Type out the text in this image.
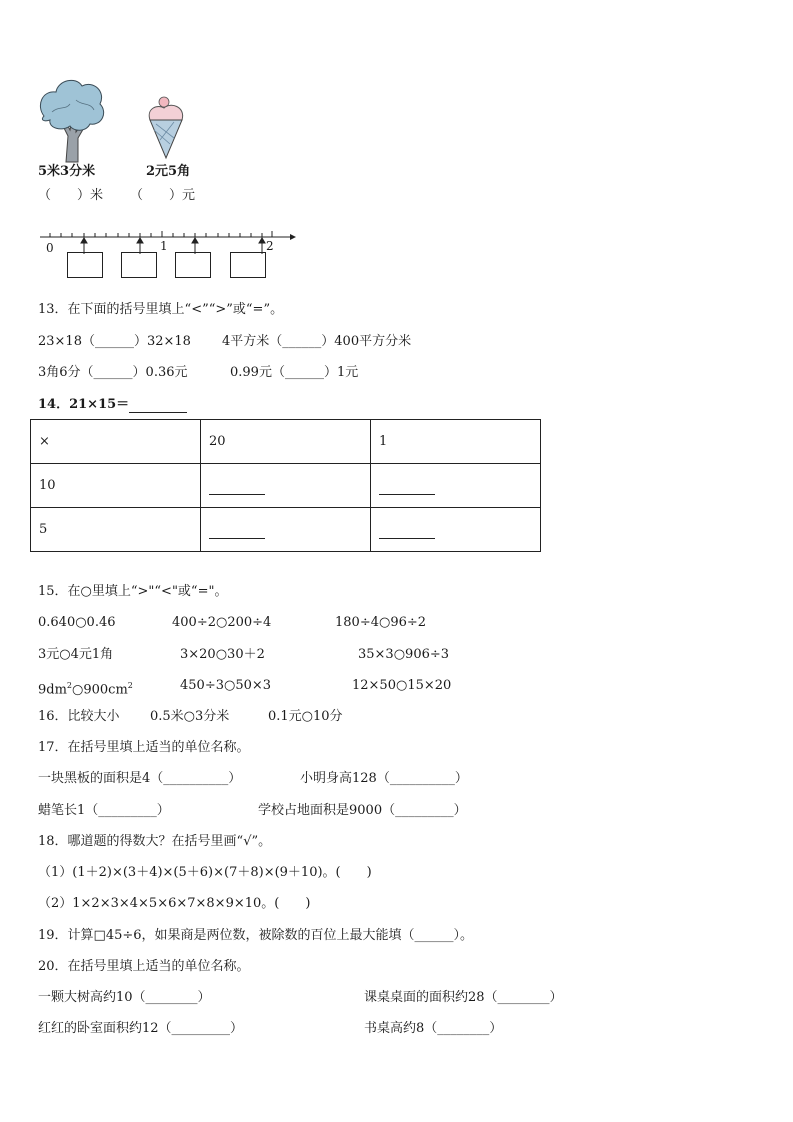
5米3分米	2元5角
（　　）米 （　　）元
0	1	2
13．在下面的括号里填上“<”“>”或“=”。
23×18（______）32×18 4平方米（______）400平方分米
3角6分（______）0.36元	0.99元（______）1元
14．21×15＝
×	20	1
10		
5		
15．在○里填上“>"“<"或“="。
0.640○0.46	400÷2○200÷4	180÷4○96÷2
3元○4元1角	3×20○30＋2	35×3○906÷3
$9dm^2○900cm^2$	450÷3○50×3	12×50○15×20
16．比较大小 0.5米○3分米	0.1元○10分
17．在括号里填上适当的单位名称。
一块黑板的面积是4（__________）	小明身高128（__________）
蜡笔长1（_________）	学校占地面积是9000（_________）
18．哪道题的得数大？在括号里画“√”。
（1）(1＋2)×(3＋4)×(5＋6)×(7＋8)×(9＋10)。(　　)
（2）1×2×3×4×5×6×7×8×9×10。(　　)
19．计算□45÷6，如果商是两位数，被除数的百位上最大能填（______）。
20．在括号里填上适当的单位名称。
一颗大树高约10（________）	课桌桌面的面积约28（________）
红红的卧室面积约12（_________）	书桌高约8（________）
